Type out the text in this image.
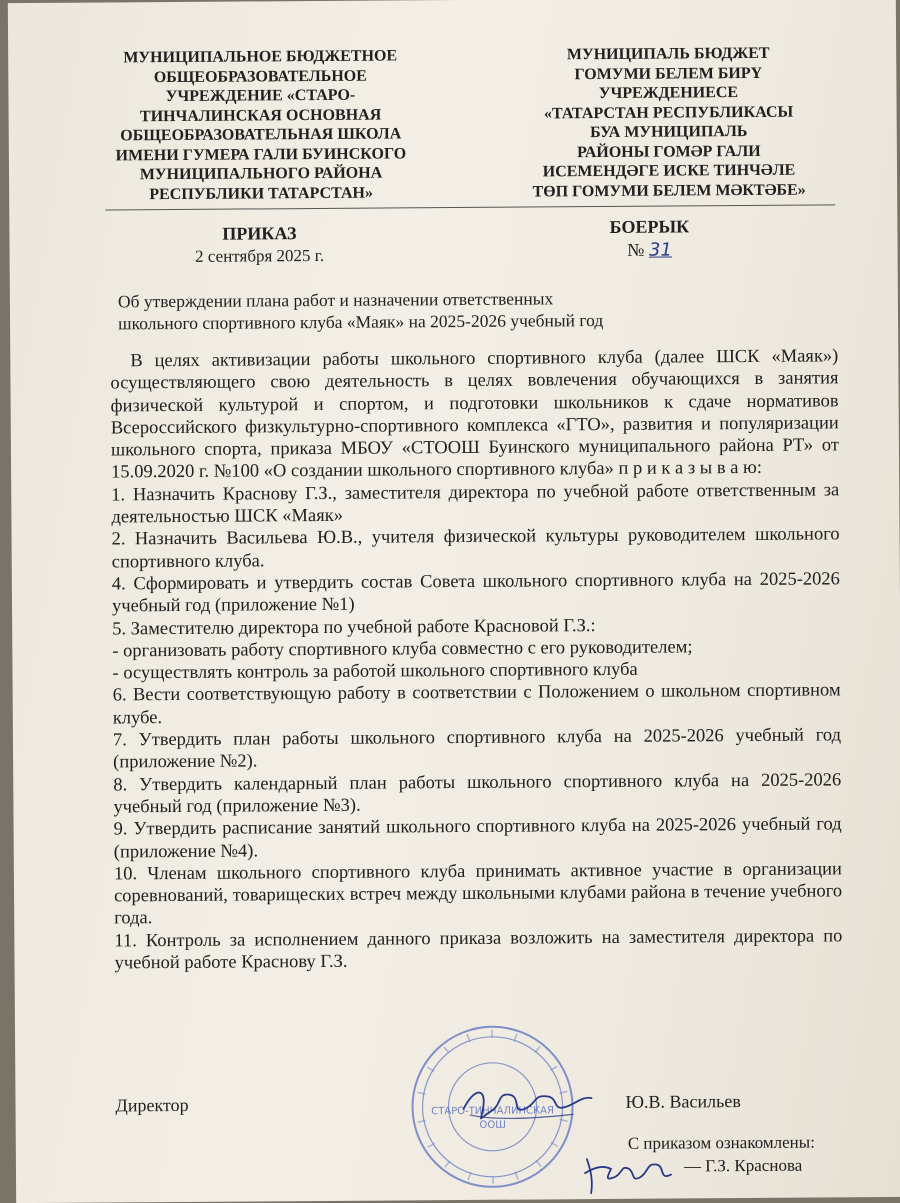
МУНИЦИПАЛЬНОЕ БЮДЖЕТНОЕ
ОБЩЕОБРАЗОВАТЕЛЬНОЕ
УЧРЕЖДЕНИЕ «СТАРО-
ТИНЧАЛИНСКАЯ ОСНОВНАЯ
ОБЩЕОБРАЗОВАТЕЛЬНАЯ ШКОЛА
ИМЕНИ ГУМЕРА ГАЛИ БУИНСКОГО
МУНИЦИПАЛЬНОГО РАЙОНА
РЕСПУБЛИКИ ТАТАРСТАН»
МУНИЦИПАЛЬ БЮДЖЕТ
ГОМУМИ БЕЛЕМ БИРҮ
УЧРЕЖДЕНИЕСЕ
«ТАТАРСТАН РЕСПУБЛИКАСЫ
БУА МУНИЦИПАЛЬ
РАЙОНЫ ГОМӘР ГАЛИ
ИСЕМЕНДӘГЕ ИСКЕ ТИНЧӘЛЕ
ТӨП ГОМУМИ БЕЛЕМ МӘКТӘБЕ»
ПРИКАЗ
2 сентября 2025 г.
БОЕРЫК
№ 31
Об утверждении плана работ и назначении ответственных
школьного спортивного клуба «Маяк» на 2025-2026 учебный год

В целях активизации работы школьного спортивного клуба (далее ШСК «Маяк») осуществляющего свою деятельность в целях вовлечения обучающихся в занятия физической культурой и спортом, и подготовки школьников к сдаче нормативов Всероссийского физкультурно-спортивного комплекса «ГТО», развития и популяризации школьного спорта, приказа МБОУ «СТООШ Буинского муниципального района РТ» от 15.09.2020 г. №100 «О создании школьного спортивного клуба» п р и к а з ы в а ю:

1. Назначить Краснову Г.З., заместителя директора по учебной работе ответственным за деятельностью ШСК «Маяк»

2. Назначить Васильева Ю.В., учителя физической культуры руководителем школьного спортивного клуба.

4. Сформировать и утвердить состав Совета школьного спортивного клуба на 2025-2026 учебный год (приложение №1)

5. Заместителю директора по учебной работе Красновой Г.З.:

- организовать работу спортивного клуба совместно с его руководителем;

- осуществлять контроль за работой школьного спортивного клуба

6. Вести соответствующую работу в соответствии с Положением о школьном спортивном клубе.

7. Утвердить план работы школьного спортивного клуба на 2025-2026 учебный год (приложение №2).

8. Утвердить календарный план работы школьного спортивного клуба на 2025-2026 учебный год (приложение №3).

9. Утвердить расписание занятий школьного спортивного клуба на 2025-2026 учебный год (приложение №4).

10. Членам школьного спортивного клуба принимать активное участие в организации соревнований, товарищеских встреч между школьными клубами района в течение учебного года.

11. Контроль за исполнением данного приказа возложить на заместителя директора по учебной работе Краснову Г.З.

СТАРО-ТИНЧАЛИНСКАЯ
ООШ
Директор	Ю.В. Васильев
С приказом ознакомлены:
— Г.З. Краснова
